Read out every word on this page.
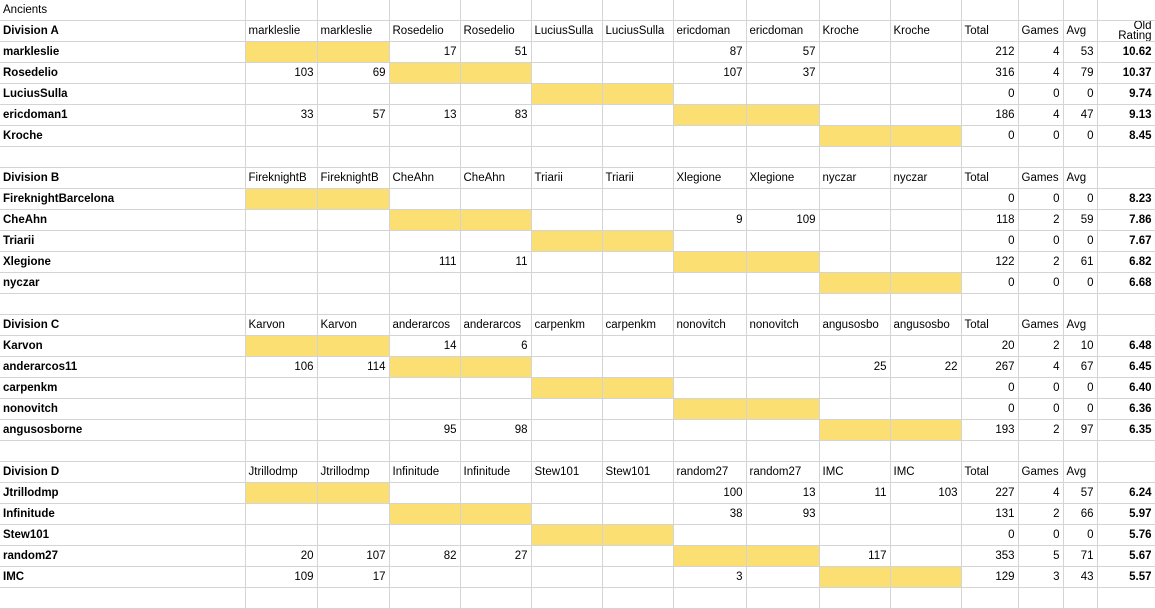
Ancients														
Division A	markleslie	markleslie	Rosedelio	Rosedelio	LuciusSulla	LuciusSulla	ericdoman	ericdoman	Kroche	Kroche	Total	Games	Avg	Old
Rating

markleslie			17	51			87	57			212	4	53	10.62
Rosedelio	103	69					107	37			316	4	79	10.37
LuciusSulla											0	0	0	9.74
ericdoman1	33	57	13	83							186	4	47	9.13
Kroche											0	0	0	8.45

Division B	FireknightB	FireknightB	CheAhn	CheAhn	Triarii	Triarii	Xlegione	Xlegione	nyczar	nyczar	Total	Games	Avg	
FireknightBarcelona											0	0	0	8.23
CheAhn							9	109			118	2	59	7.86
Triarii											0	0	0	7.67
Xlegione			111	11							122	2	61	6.82
nyczar											0	0	0	6.68

Division C	Karvon	Karvon	anderarcos	anderarcos	carpenkm	carpenkm	nonovitch	nonovitch	angusosbo	angusosbo	Total	Games	Avg	
Karvon			14	6							20	2	10	6.48
anderarcos11	106	114							25	22	267	4	67	6.45
carpenkm											0	0	0	6.40
nonovitch											0	0	0	6.36
angusosborne			95	98							193	2	97	6.35

Division D	Jtrillodmp	Jtrillodmp	Infinitude	Infinitude	Stew101	Stew101	random27	random27	IMC	IMC	Total	Games	Avg	
Jtrillodmp							100	13	11	103	227	4	57	6.24
Infinitude							38	93			131	2	66	5.97
Stew101											0	0	0	5.76
random27	20	107	82	27					117		353	5	71	5.67
IMC	109	17					3				129	3	43	5.57
